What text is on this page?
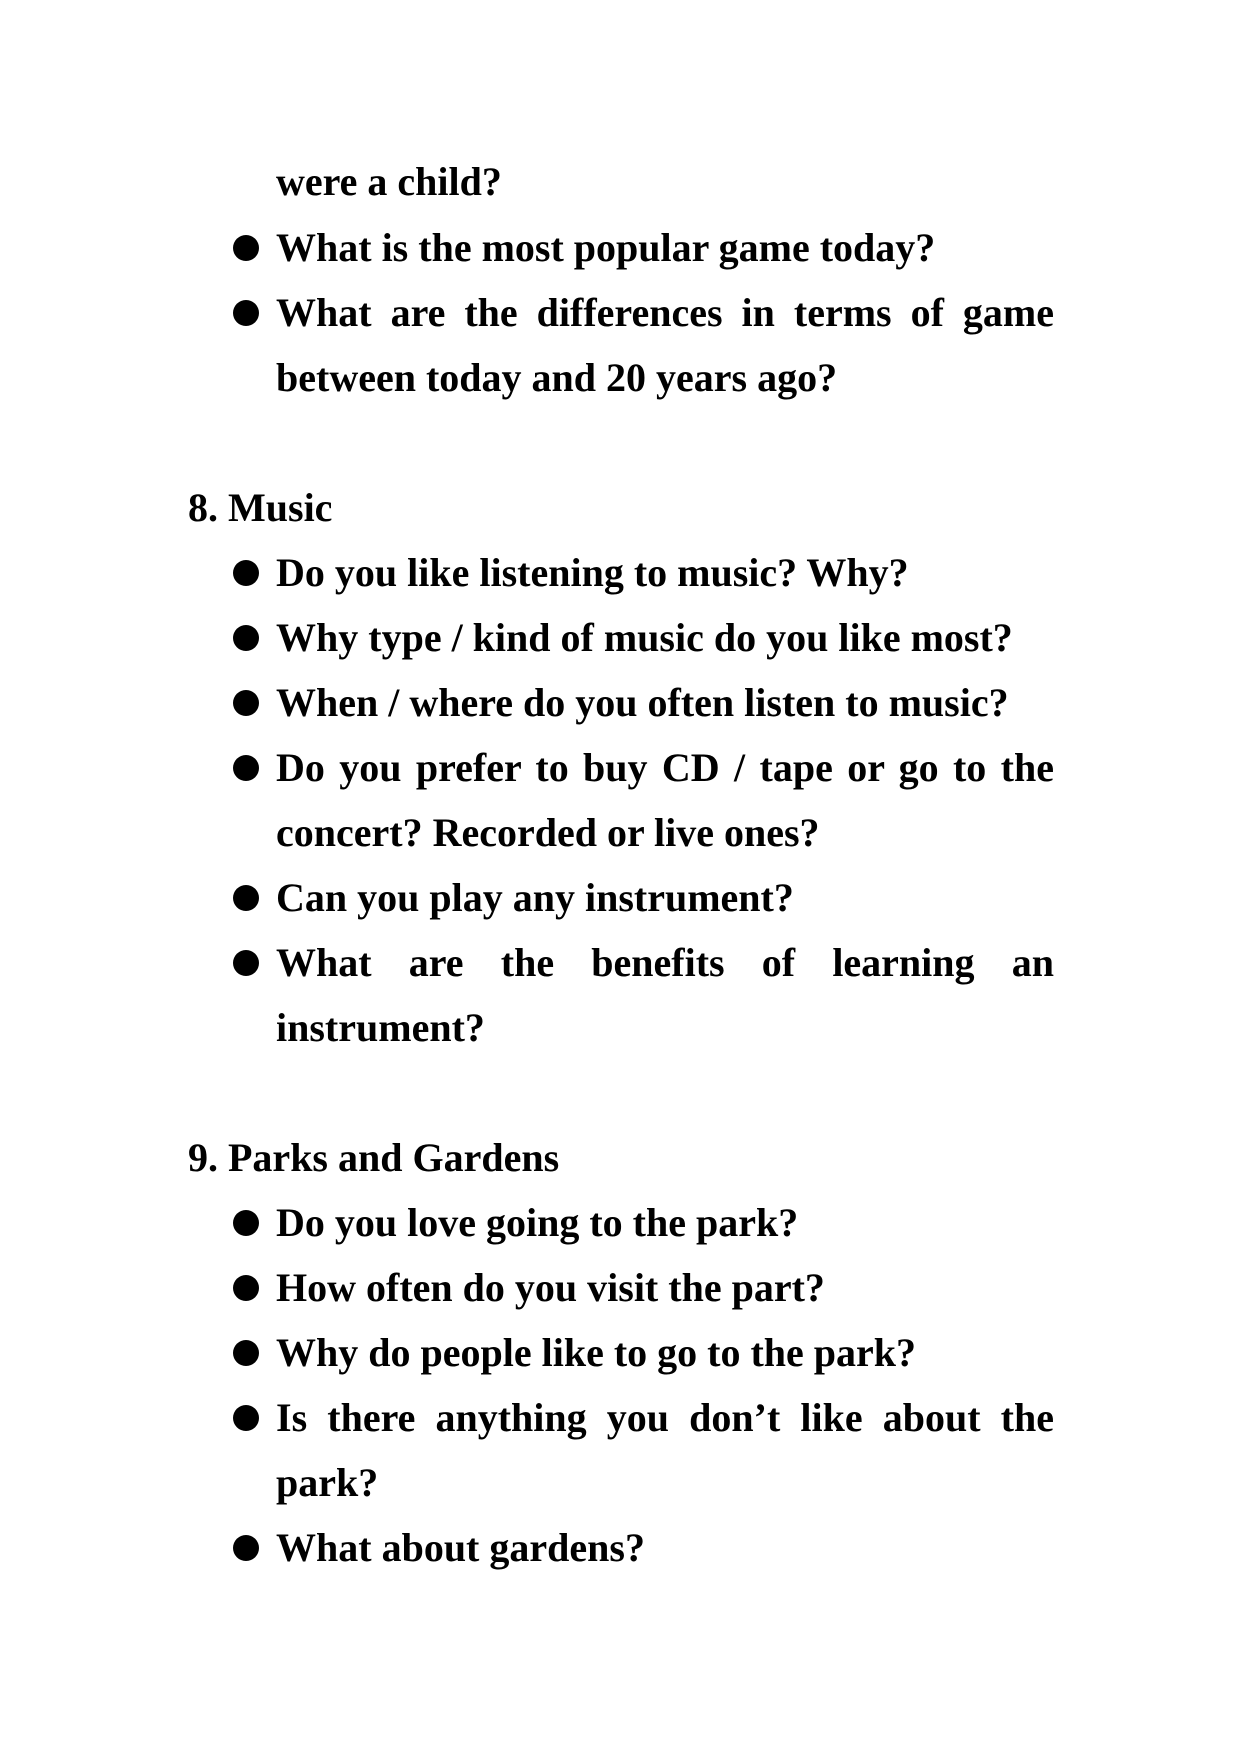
were a child?
What is the most popular game today?
What are the differences in terms of game
between today and 20 years ago?
8. Music
Do you like listening to music? Why?
Why type / kind of music do you like most?
When / where do you often listen to music?
Do you prefer to buy CD / tape or go to the
concert? Recorded or live ones?
Can you play any instrument?
What are the benefits of learning an
instrument?
9. Parks and Gardens
Do you love going to the park?
How often do you visit the part?
Why do people like to go to the park?
Is there anything you don’t like about the
park?
What about gardens?
